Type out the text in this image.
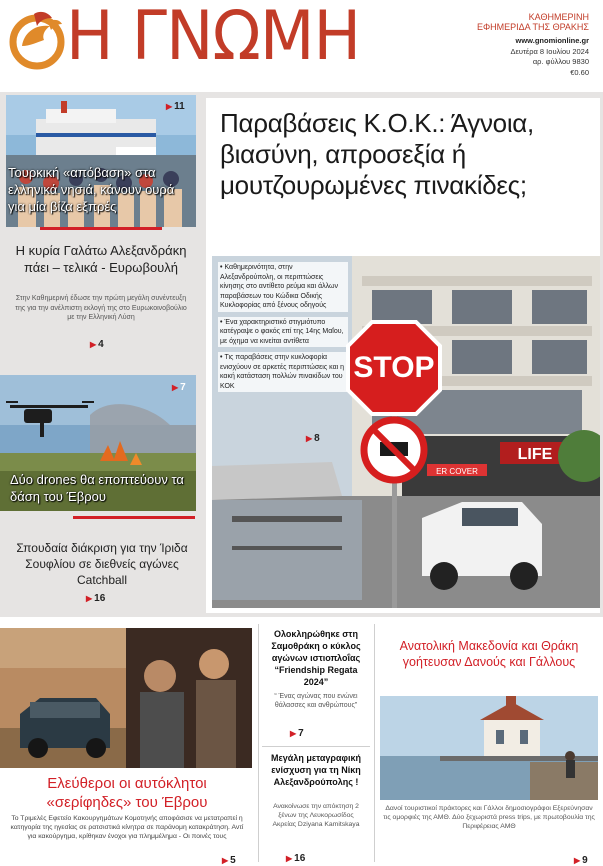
Η ΓΝΩΜΗ	ΚΑΘΗΜΕΡΙΝΗ
ΕΦΗΜΕΡΙΔΑ ΤΗΣ ΘΡΑΚΗΣ
www.gnomionline.gr
Δευτέρα 8 Ιουλίου 2024
αρ. φύλλου 9830
€0.60
▶ 11
Τουρκική «απόβαση» στα ελληνικά νησιά, κάνουν ουρά για μία βίζα εξπρές
Η κυρία Γαλάτω Αλεξανδράκη πάει – τελικά - Ευρωβουλή
Στην Καθημερινή έδωσε την πρώτη μεγάλη συνέντευξη της για την ανέλπιστη εκλογή της στο Ευρωκοινοβούλιο με την Ελληνική Λύση
▶ 4
▶ 7
Δύο drones θα εποπτεύουν τα δάση του Έβρου
Σπουδαία διάκριση για την Ίριδα Σουφλίου σε διεθνείς αγώνες Catchball
▶ 16
Παραβάσεις Κ.Ο.Κ.: Άγνοια, βιασύνη, απροσεξία ή μουτζουρωμένες πινακίδες;
LIFE
ER COVER
STOP
• Καθημερινότητα, στην Αλεξανδρούπολη, οι περιπτώσεις κίνησης στο αντίθετο ρεύμα και άλλων παραβάσεων του Κώδικα Οδικής Κυκλοφορίας από ξένους οδηγούς
• Ένα χαρακτηριστικό στιγμιότυπο κατέγραψε ο φακός επί της 14ης Μαΐου, με όχημα να κινείται αντίθετα
• Τις παραβάσεις στην κυκλοφορία ενισχύουν σε αρκετές περιπτώσεις και η κακή κατάσταση πολλών πινακίδων του ΚΟΚ
▶ 8
Ελεύθεροι οι αυτόκλητοι «σερίφηδες» του Έβρου
Το Τριμελές Εφετείο Κακουργημάτων Κομοτηνής αποφάσισε να μετατραπεί η κατηγορία της ηγεσίας σε ρατσιστικά κίνητρα σε παράνομη κατακράτηση. Αντί για κακούργημα, κρίθηκαν ένοχοι για πλημμέλημα - Οι ποινές τους
▶ 5
Ολοκληρώθηκε στη Σαμοθράκη ο κύκλος αγώνων ιστιοπλοΐας “Friendship Regata 2024”
“ Ένας αγώνας που ενώνει θάλασσες και ανθρώπους”
▶ 7
Μεγάλη μεταγραφική ενίσχυση για τη Νίκη Αλεξανδρούπολης !
Ανακοίνωσε την απόκτηση 2 ξένων της Λευκορωσίδος Ακρείας Dziyana Kamitskaya
▶ 16
Ανατολική Μακεδονία και Θράκη γοήτευσαν Δανούς και Γάλλους
Δανοί τουριστικοί πράκτορες και Γάλλοι δημοσιογράφοι Εξερεύνησαν τις ομορφιές της ΑΜΘ. Δύο ξεχωριστά press trips, με πρωτοβουλία της Περιφέρειας ΑΜΘ
▶ 9
